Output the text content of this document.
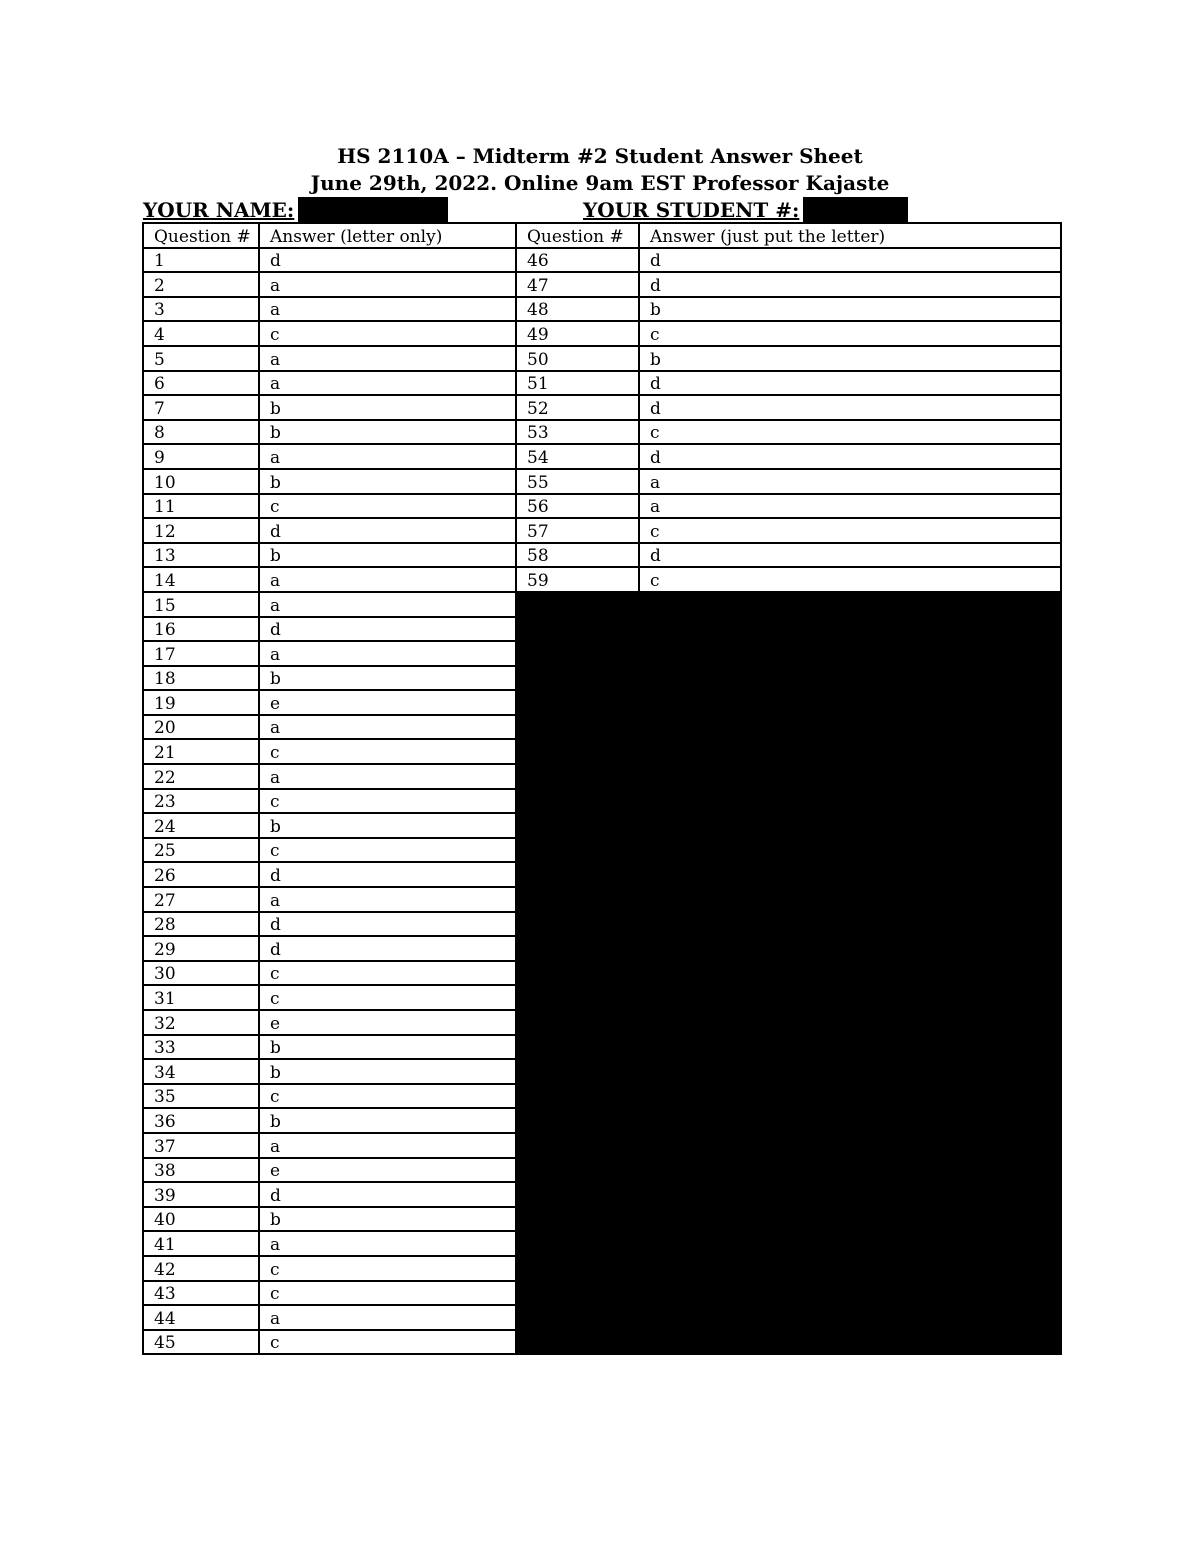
HS 2110A – Midterm #2 Student Answer Sheet
June 29th, 2022. Online 9am EST Professor Kajaste
YOUR NAME:	YOUR STUDENT #:
Question #	Answer (letter only)	Question #	Answer (just put the letter)
1	d	46	d
2	a	47	d
3	a	48	b
4	c	49	c
5	a	50	b
6	a	51	d
7	b	52	d
8	b	53	c
9	a	54	d
10	b	55	a
11	c	56	a
12	d	57	c
13	b	58	d
14	a	59	c
15	a		
16	d		
17	a		
18	b		
19	e		
20	a		
21	c		
22	a		
23	c		
24	b		
25	c		
26	d		
27	a		
28	d		
29	d		
30	c		
31	c		
32	e		
33	b		
34	b		
35	c		
36	b		
37	a		
38	e		
39	d		
40	b		
41	a		
42	c		
43	c		
44	a		
45	c		
